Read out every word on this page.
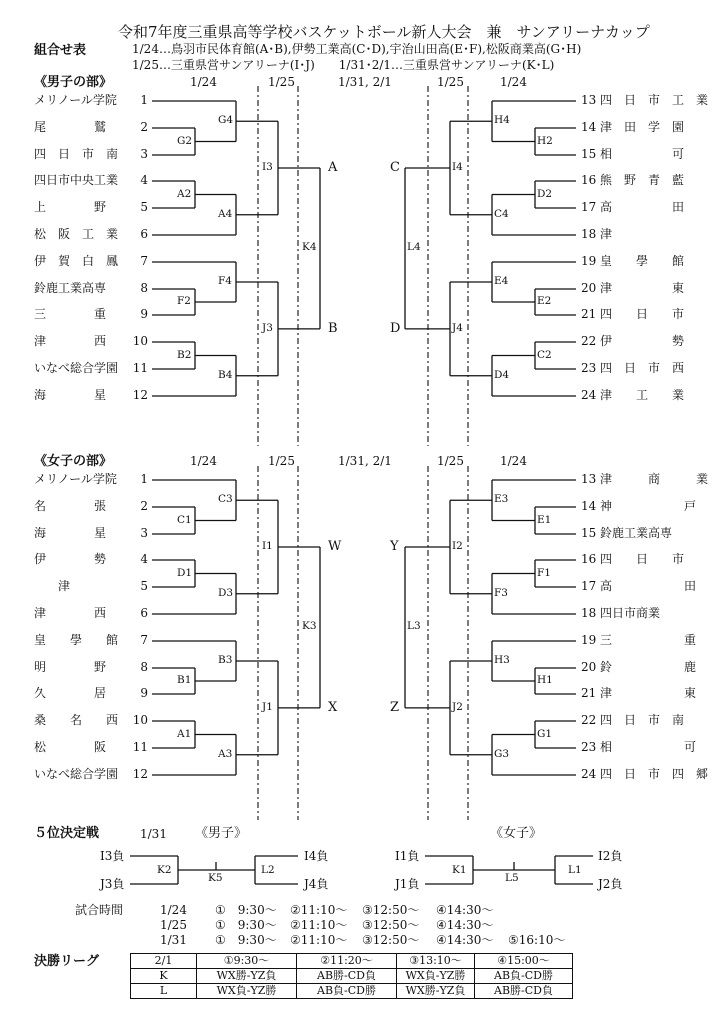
令和7年度三重県高等学校バスケットボール新人大会　兼　サンアリーナカップ
組合せ表	1/24…鳥羽市民体育館(A･B),伊勢工業高(C･D),宇治山田高(E･F),松阪商業高(G･H)
1/25…三重県営サンアリーナ(I･J)　　1/31･2/1…三重県営サンアリーナ(K･L)
《男子の部》	1/24	1/25	1/31, 2/1	1/25	1/24
《女子の部》	1/24	1/25	1/31, 2/1	1/25	1/24
メリノール学院 1	13 四　日　市　工　業
尾　　　　鷲	2	14 津　田　学　園
四　日　市　南 3	15 相　　　　　可
四日市中央工業 4	16 熊　野　青　藍
上　　　　野	5	17 高　　　　　田
松　阪　工　業 6	18 津
伊　賀　白　鳳 7	19 皇　　學　　館
鈴鹿工業高専	8	20 津　　　　　東
三　　　　重	9	21 四　　日　　市
津　　　　西 10	22 伊　　　　　勢
いなべ総合学園 11	23 四　日　市　西
海　　　　星 12	24 津　　工　　業
G2
G4
H2
H4
A2
A4
D2
C4
F2
F4
E2
E4
B2
B4
C2
D4
I3
J3
K4
A
B
I4
J4
L4
C
D
メリノール学院 1	13 津　　　商　　　業
名　　　　張	2	14 神　　　　　　戸
海　　　　星	3	15 鈴鹿工業高専
伊　　　　勢	4	16 四　　日　　市
　　津	5	17 高　　　　　　田
津　　　　西	6	18 四日市商業
皇　　學　　館 7	19 三　　　　　　重
明　　　　野	8	20 鈴　　　　　　鹿
久　　　　居	9	21 津　　　　　　東
桑　　名　　西 10	22 四　日　市　南
松　　　　阪 11	23 相　　　　　　可
いなべ総合学園 12	24 四　日　市　四　郷
C1
C3
E1
E3
D1
D3
F1
F3
B1
B3
H1
H3
A1
A3
G1
G3
I1
J1
K3
W
X
I2
J2
L3
Y
Z
５位決定戦	1/31 《男子》	《女子》
I3負
J3負
I4負
J4負
K2	L2
K5
I1負
J1負
I2負
J2負
K1	L1
L5
試合時間	1/24 ①　9:30～ ②11:10～ ③12:50～ ④14:30～
1/25 ①　9:30～ ②11:10～ ③12:50～ ④14:30～
1/31 ①　9:30～ ②11:10～ ③12:50～ ④14:30～ ⑤16:10～
決勝リーグ	2/1	①9:30～	②11:20～	③13:10～	④15:00～
K	WX勝-YZ負	AB勝-CD負	WX負-YZ勝	AB負-CD勝
L	WX負-YZ勝	AB負-CD勝	WX勝-YZ負	AB勝-CD負
